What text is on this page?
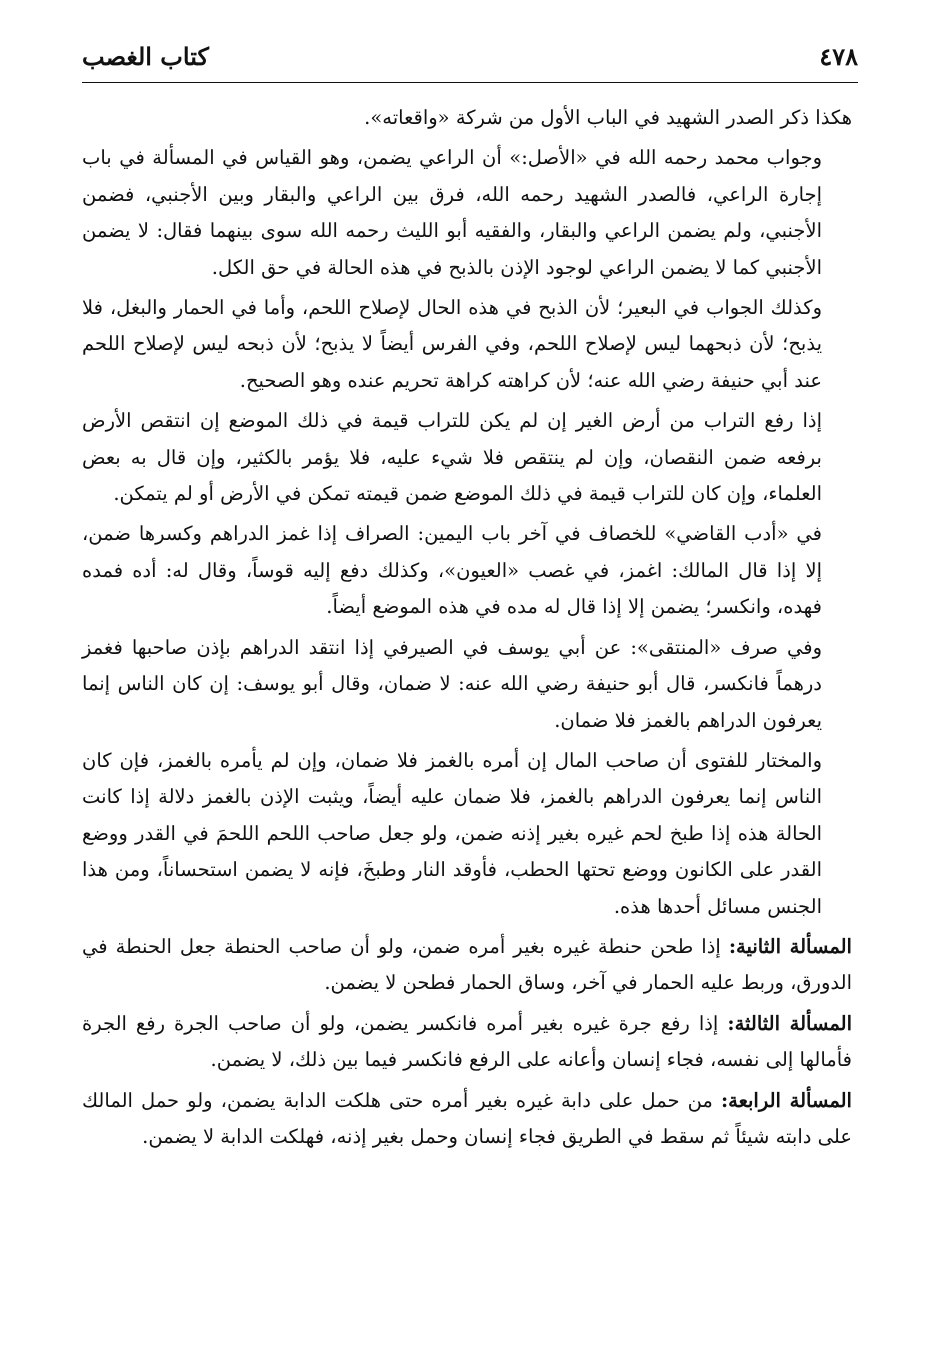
٤٧٨
كتاب الغصب

هكذا ذكر الصدر الشهيد في الباب الأول من شركة «واقعاته».

وجواب محمد رحمه الله في «الأصل:» أن الراعي يضمن، وهو القياس في المسألة في باب إجارة الراعي، فالصدر الشهيد رحمه الله، فرق بين الراعي والبقار وبين الأجنبي، فضمن الأجنبي، ولم يضمن الراعي والبقار، والفقيه أبو الليث رحمه الله سوى بينهما فقال: لا يضمن الأجنبي كما لا يضمن الراعي لوجود الإذن بالذبح في هذه الحالة في حق الكل.

وكذلك الجواب في البعير؛ لأن الذبح في هذه الحال لإصلاح اللحم، وأما في الحمار والبغل، فلا يذبح؛ لأن ذبحهما ليس لإصلاح اللحم، وفي الفرس أيضاً لا يذبح؛ لأن ذبحه ليس لإصلاح اللحم عند أبي حنيفة رضي الله عنه؛ لأن كراهته كراهة تحريم عنده وهو الصحيح.

إذا رفع التراب من أرض الغير إن لم يكن للتراب قيمة في ذلك الموضع إن انتقص الأرض برفعه ضمن النقصان، وإن لم ينتقص فلا شيء عليه، فلا يؤمر بالكثير، وإن قال به بعض العلماء، وإن كان للتراب قيمة في ذلك الموضع ضمن قيمته تمكن في الأرض أو لم يتمكن.

في «أدب القاضي» للخصاف في آخر باب اليمين: الصراف إذا غمز الدراهم وكسرها ضمن، إلا إذا قال المالك: اغمز، في غصب «العيون»، وكذلك دفع إليه قوساً، وقال له: أده فمده فهده، وانكسر؛ يضمن إلا إذا قال له مده في هذه الموضع أيضاً.

وفي صرف «المنتقى»: عن أبي يوسف في الصيرفي إذا انتقد الدراهم بإذن صاحبها فغمز درهماً فانكسر، قال أبو حنيفة رضي الله عنه: لا ضمان، وقال أبو يوسف: إن كان الناس إنما يعرفون الدراهم بالغمز فلا ضمان.

والمختار للفتوى أن صاحب المال إن أمره بالغمز فلا ضمان، وإن لم يأمره بالغمز، فإن كان الناس إنما يعرفون الدراهم بالغمز، فلا ضمان عليه أيضاً، ويثبت الإذن بالغمز دلالة إذا كانت الحالة هذه إذا طبخ لحم غيره بغير إذنه ضمن، ولو جعل صاحب اللحم اللحمَ في القدر ووضع القدر على الكانون ووضع تحتها الحطب، فأوقد النار وطبخَ، فإنه لا يضمن استحساناً، ومن هذا الجنس مسائل أحدها هذه.

المسألة الثانية: إذا طحن حنطة غيره بغير أمره ضمن، ولو أن صاحب الحنطة جعل الحنطة في الدورق، وربط عليه الحمار في آخر، وساق الحمار فطحن لا يضمن.

المسألة الثالثة: إذا رفع جرة غيره بغير أمره فانكسر يضمن، ولو أن صاحب الجرة رفع الجرة فأمالها إلى نفسه، فجاء إنسان وأعانه على الرفع فانكسر فيما بين ذلك، لا يضمن.

المسألة الرابعة: من حمل على دابة غيره بغير أمره حتى هلكت الدابة يضمن، ولو حمل المالك على دابته شيئاً ثم سقط في الطريق فجاء إنسان وحمل بغير إذنه، فهلكت الدابة لا يضمن.
